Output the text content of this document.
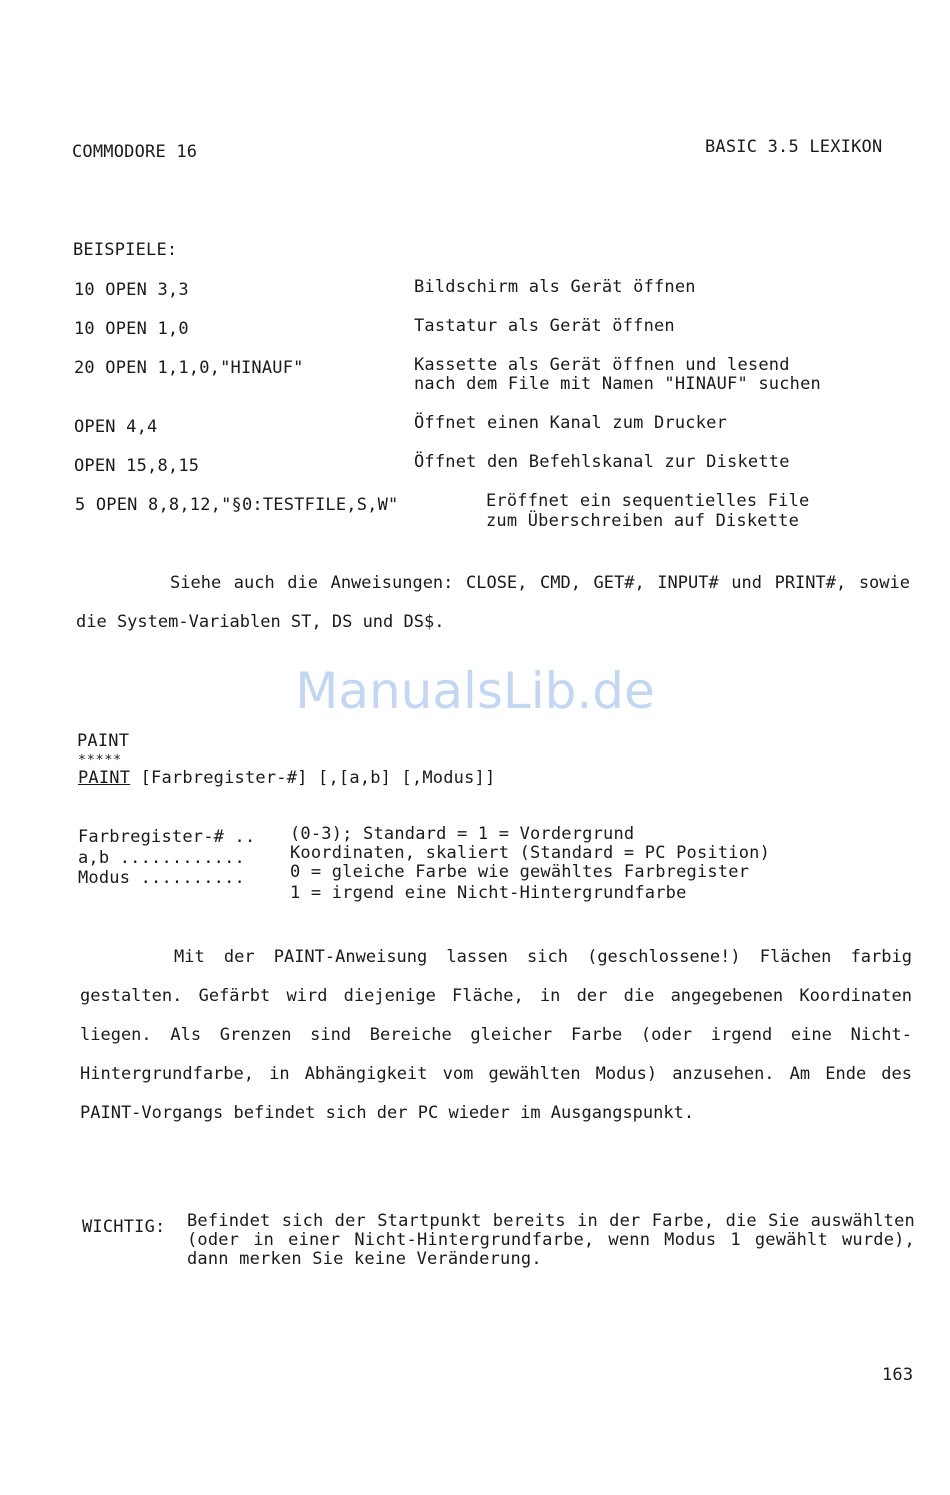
COMMODORE 16	BASIC 3.5 LEXIKON
BEISPIELE:
10 OPEN 3,3	Bildschirm als Gerät öffnen
10 OPEN 1,0	Tastatur als Gerät öffnen
20 OPEN 1,1,0,"HINAUF"	Kassette als Gerät öffnen und lesend
nach dem File mit Namen "HINAUF" suchen
OPEN 4,4	Öffnet einen Kanal zum Drucker
OPEN 15,8,15	Öffnet den Befehlskanal zur Diskette
5 OPEN 8,8,12,"§0:TESTFILE,S,W"	Eröffnet ein sequentielles File
zum Überschreiben auf Diskette
Siehe auch die Anweisungen: CLOSE, CMD, GET#, INPUT# und PRINT#, sowie die System-Variablen ST, DS und DS$.
ManualsLib.de
PAINT
*****
PAINT [Farbregister-#] [,[a,b] [,Modus]]
Farbregister-# .. (0-3); Standard = 1 = Vordergrund
a,b ............	Koordinaten, skaliert (Standard = PC Position)
Modus ..........	0 = gleiche Farbe wie gewähltes Farbregister
1 = irgend eine Nicht-Hintergrundfarbe
Mit der PAINT-Anweisung lassen sich (geschlossene!) Flächen farbig gestalten. Gefärbt wird diejenige Fläche, in der die angegebenen Koordinaten liegen. Als Grenzen sind Bereiche gleicher Farbe (oder irgend eine Nicht-Hintergrundfarbe, in Abhängigkeit vom gewählten Modus) anzusehen. Am Ende des PAINT-Vorgangs befindet sich der PC wieder im Ausgangspunkt.
WICHTIG: Befindet sich der Startpunkt bereits in der Farbe, die Sie auswählten (oder in einer Nicht-Hintergrundfarbe, wenn Modus 1 gewählt wurde), dann merken Sie keine Veränderung.
163
